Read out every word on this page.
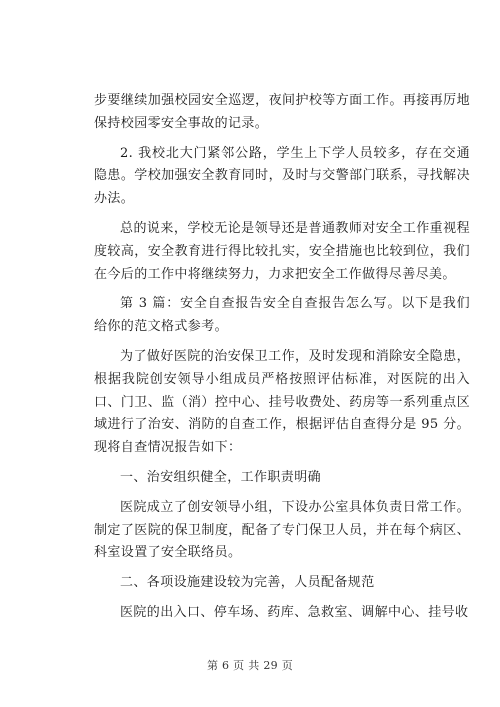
步要继续加强校园安全巡逻，夜间护校等方面工作。再接再厉地保持校园零安全事故的记录。

2. 我校北大门紧邻公路，学生上下学人员较多，存在交通隐患。学校加强安全教育同时，及时与交警部门联系，寻找解决办法。

总的说来，学校无论是领导还是普通教师对安全工作重视程度较高，安全教育进行得比较扎实，安全措施也比较到位，我们在今后的工作中将继续努力，力求把安全工作做得尽善尽美。

第 3 篇：安全自查报告安全自查报告怎么写。以下是我们给你的范文格式参考。

为了做好医院的治安保卫工作，及时发现和消除安全隐患，根据我院创安领导小组成员严格按照评估标准，对医院的出入口、门卫、监（消）控中心、挂号收费处、药房等一系列重点区域进行了治安、消防的自查工作，根据评估自查得分是 95 分。现将自查情况报告如下：

一、治安组织健全，工作职责明确

医院成立了创安领导小组，下设办公室具体负责日常工作。制定了医院的保卫制度，配备了专门保卫人员，并在每个病区、科室设置了安全联络员。

二、各项设施建设较为完善，人员配备规范

医院的出入口、停车场、药库、急救室、调解中心、挂号收

第 6 页 共 29 页
